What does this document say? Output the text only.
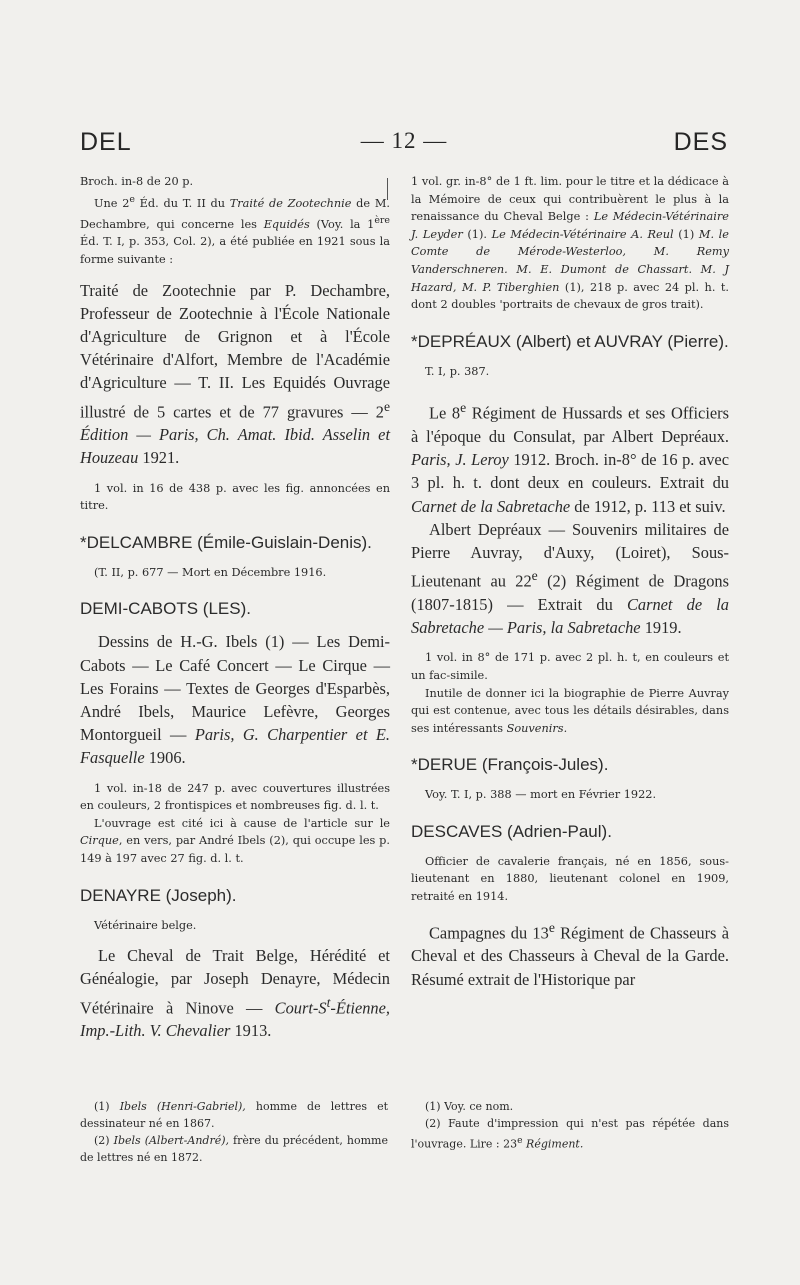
DEL	— 12 —	DES

Broch. in-8 de 20 p.

Une 2e Éd. du T. II du Traité de Zootechnie de M. Dechambre, qui concerne les Equidés (Voy. la 1ère Éd. T. I, p. 353, Col. 2), a été publiée en 1921 sous la forme suivante :

Traité de Zootechnie par P. Dechambre, Professeur de Zootechnie à l'École Nationale d'Agriculture de Grignon et à l'École Vétérinaire d'Alfort, Membre de l'Académie d'Agriculture — T. II. Les Equidés Ouvrage illustré de 5 cartes et de 77 gravures — 2e Édition — Paris, Ch. Amat. Ibid. Asselin et Houzeau 1921.

1 vol. in 16 de 438 p. avec les fig. annoncées en titre.

*DELCAMBRE (Émile-Guislain-Denis).

(T. II, p. 677 — Mort en Décembre 1916.

DEMI-CABOTS (LES).

Dessins de H.-G. Ibels (1) — Les Demi-Cabots — Le Café Concert — Le Cirque — Les Forains — Textes de Georges d'Esparbès, André Ibels, Maurice Lefèvre, Georges Montorgueil — Paris, G. Charpentier et E. Fasquelle 1906.

1 vol. in-18 de 247 p. avec couvertures illustrées en couleurs, 2 frontispices et nombreuses fig. d. l. t.

L'ouvrage est cité ici à cause de l'article sur le Cirque, en vers, par André Ibels (2), qui occupe les p. 149 à 197 avec 27 fig. d. l. t.

DENAYRE (Joseph).

Vétérinaire belge.

Le Cheval de Trait Belge, Hérédité et Généalogie, par Joseph Denayre, Médecin Vétérinaire à Ninove — Court-$S^t$-Étienne, Imp.-Lith. V. Chevalier 1913.

1 vol. gr. in-8° de 1 ft. lim. pour le titre et la dédicace à la Mémoire de ceux qui contribuèrent le plus à la renaissance du Cheval Belge : Le Médecin-Vétérinaire J. Leyder (1). Le Médecin-Vétérinaire A. Reul (1) M. le Comte de Mérode-Westerloo, M. Remy Vanderschneren. M. E. Dumont de Chassart. M. J Hazard, M. P. Tiberghien (1), 218 p. avec 24 pl. h. t. dont 2 doubles 'portraits de chevaux de gros trait).

*DEPRÉAUX (Albert) et AUVRAY (Pierre).

T. I, p. 387.

Le 8e Régiment de Hussards et ses Officiers à l'époque du Consulat, par Albert Depréaux. Paris, J. Leroy 1912. Broch. in-8° de 16 p. avec 3 pl. h. t. dont deux en couleurs. Extrait du Carnet de la Sabretache de 1912, p. 113 et suiv.

Albert Depréaux — Souvenirs militaires de Pierre Auvray, d'Auxy, (Loiret), Sous-Lieutenant au 22e (2) Régiment de Dragons (1807-1815) — Extrait du Carnet de la Sabretache — Paris, la Sabretache 1919.

1 vol. in 8° de 171 p. avec 2 pl. h. t, en couleurs et un fac-simile.

Inutile de donner ici la biographie de Pierre Auvray qui est contenue, avec tous les détails désirables, dans ses intéressants Souvenirs.

*DERUE (François-Jules).

Voy. T. I, p. 388 — mort en Février 1922.

DESCAVES (Adrien-Paul).

Officier de cavalerie français, né en 1856, sous-lieutenant en 1880, lieutenant colonel en 1909, retraité en 1914.

Campagnes du 13e Régiment de Chasseurs à Cheval et des Chasseurs à Cheval de la Garde. Résumé extrait de l'Historique par

(1) Ibels (Henri-Gabriel), homme de lettres et dessinateur né en 1867.

(2) Ibels (Albert-André), frère du précédent, homme de lettres né en 1872.

(1) Voy. ce nom.

(2) Faute d'impression qui n'est pas répétée dans l'ouvrage. Lire : 23e Régiment.
